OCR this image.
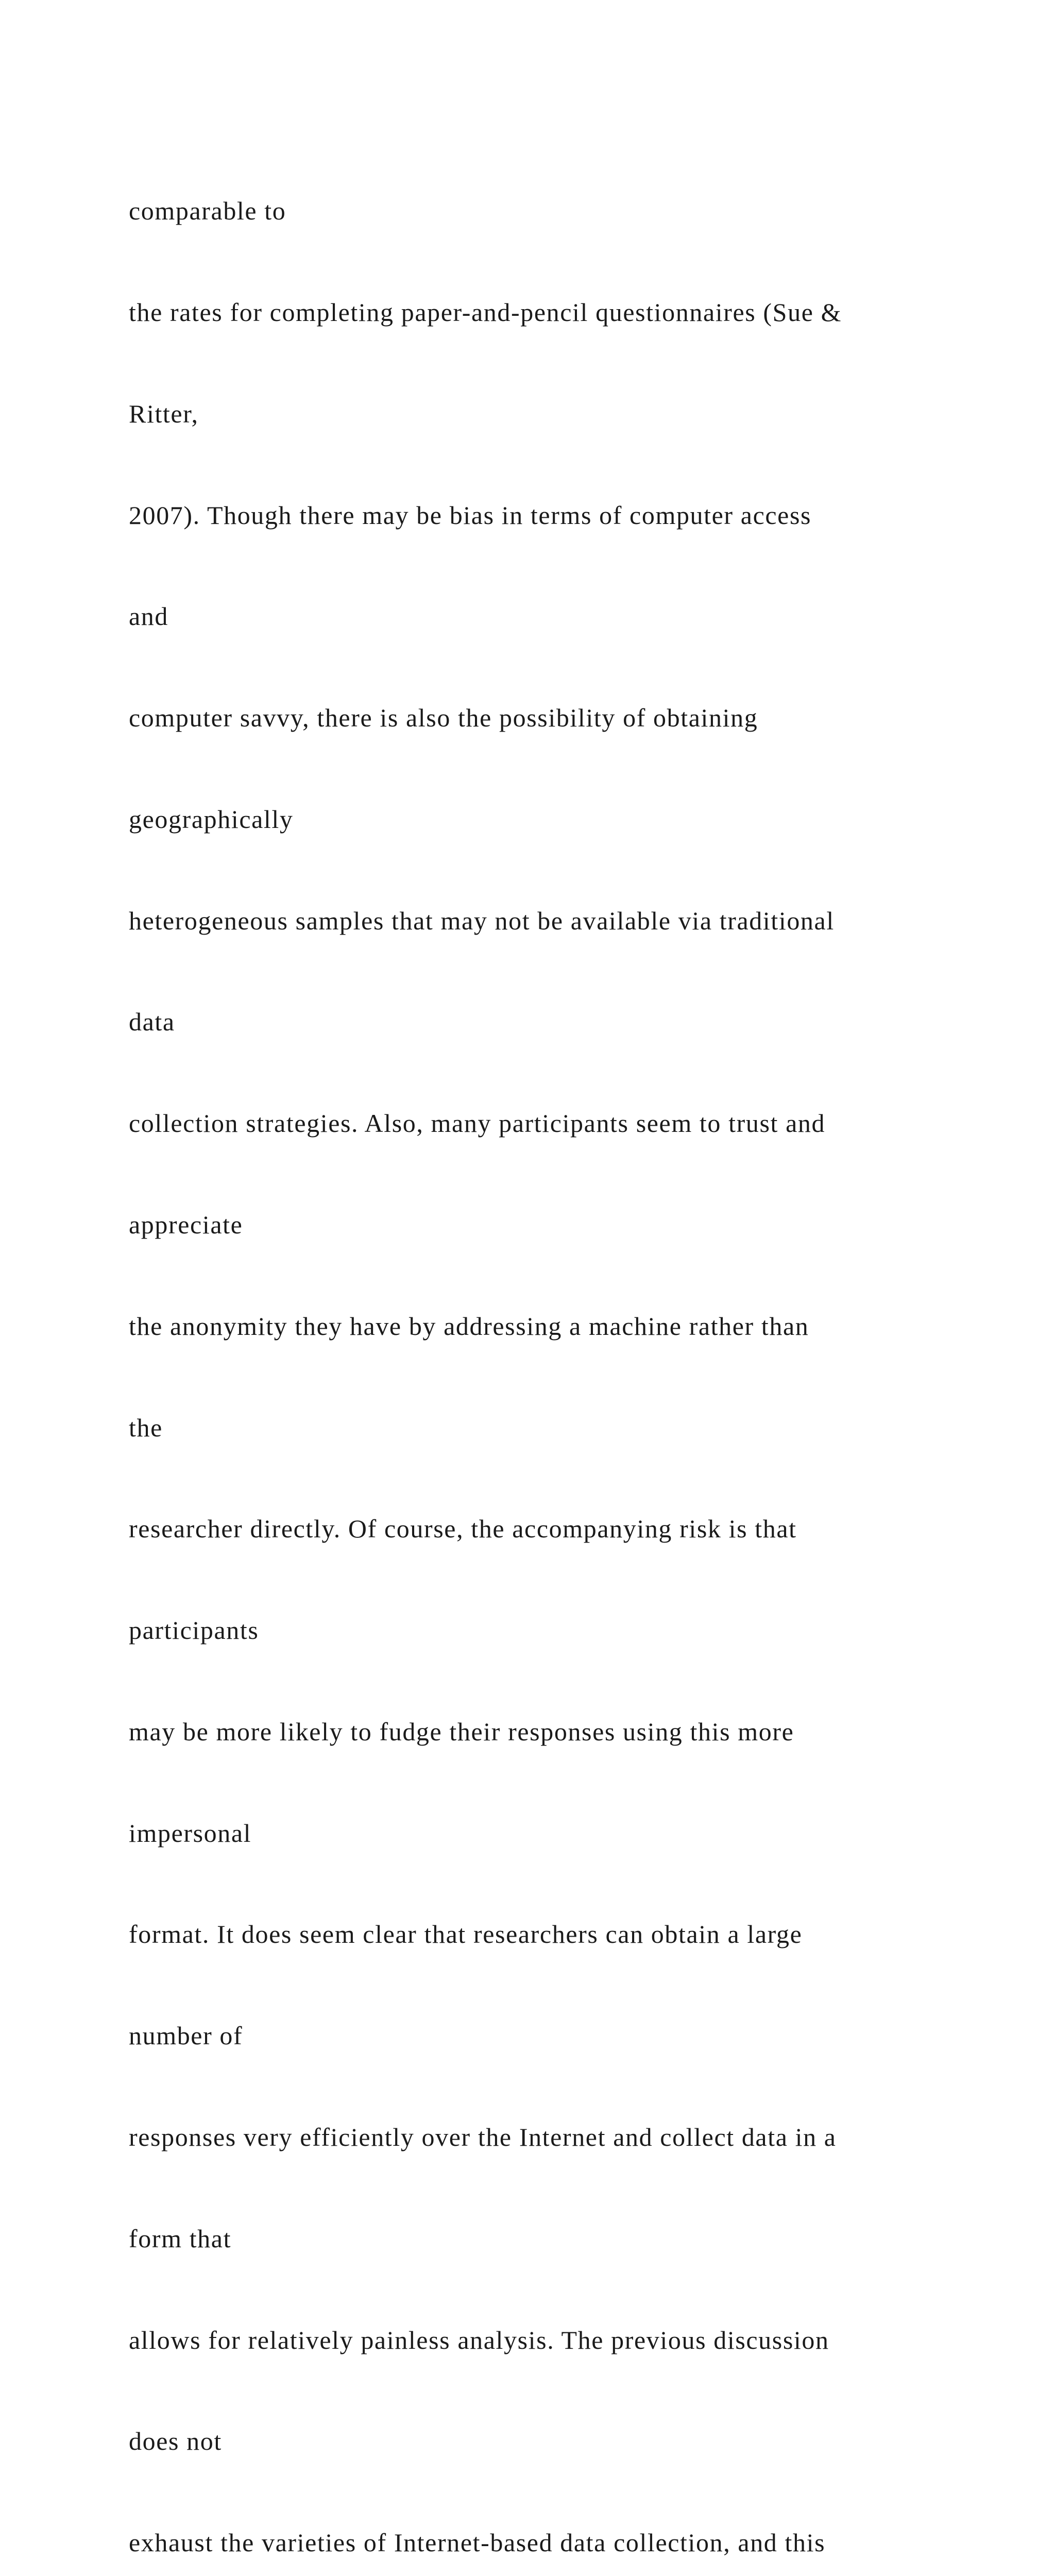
comparable to

the rates for completing paper-and-pencil questionnaires (Sue &

Ritter,

2007). Though there may be bias in terms of computer access

and

computer savvy, there is also the possibility of obtaining

geographically

heterogeneous samples that may not be available via traditional

data

collection strategies. Also, many participants seem to trust and

appreciate

the anonymity they have by addressing a machine rather than

the

researcher directly. Of course, the accompanying risk is that

participants

may be more likely to fudge their responses using this more

impersonal

format. It does seem clear that researchers can obtain a large

number of

responses very efficiently over the Internet and collect data in a

form that

allows for relatively painless analysis. The previous discussion

does not

exhaust the varieties of Internet-based data collection, and this
